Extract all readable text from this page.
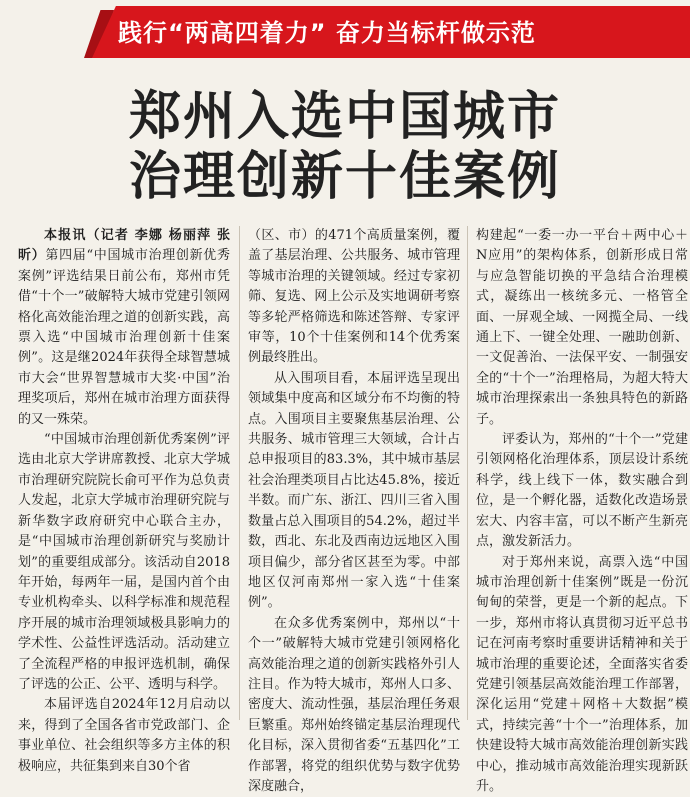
践行“两高四着力” 奋力当标杆做示范
郑州入选中国城市
治理创新十佳案例

本报讯（记者 李娜 杨丽萍 张昕）第四届“中国城市治理创新优秀案例”评选结果日前公布，郑州市凭借“十个一”破解特大城市党建引领网格化高效能治理之道的创新实践，高票入选“中国城市治理创新十佳案例”。这是继2024年获得全球智慧城市大会“世界智慧城市大奖·中国”治理奖项后，郑州在城市治理方面获得的又一殊荣。

“中国城市治理创新优秀案例”评选由北京大学讲席教授、北京大学城市治理研究院院长俞可平作为总负责人发起，北京大学城市治理研究院与新华数字政府研究中心联合主办，是“中国城市治理创新研究与奖励计划”的重要组成部分。该活动自2018年开始，每两年一届，是国内首个由专业机构牵头、以科学标准和规范程序开展的城市治理领域极具影响力的学术性、公益性评选活动。活动建立了全流程严格的申报评选机制，确保了评选的公正、公平、透明与科学。

本届评选自2024年12月启动以来，得到了全国各省市党政部门、企事业单位、社会组织等多方主体的积极响应，共征集到来自30个省

（区、市）的471个高质量案例，覆盖了基层治理、公共服务、城市管理等城市治理的关键领域。经过专家初筛、复选、网上公示及实地调研考察等多轮严格筛选和陈述答辩、专家评审等，10个十佳案例和14个优秀案例最终胜出。

从入围项目看，本届评选呈现出领域集中度高和区域分布不均衡的特点。入围项目主要聚焦基层治理、公共服务、城市管理三大领域，合计占总申报项目的83.3%，其中城市基层社会治理类项目占比达45.8%，接近半数。而广东、浙江、四川三省入围数量占总入围项目的54.2%，超过半数，西北、东北及西南边远地区入围项目偏少，部分省区甚至为零。中部地区仅河南郑州一家入选“十佳案例”。

在众多优秀案例中，郑州以“十个一”破解特大城市党建引领网格化高效能治理之道的创新实践格外引人注目。作为特大城市，郑州人口多、密度大、流动性强，基层治理任务艰巨繁重。郑州始终锚定基层治理现代化目标，深入贯彻省委“五基四化”工作部署，将党的组织优势与数字优势深度融合，

构建起“一委一办一平台＋两中心＋N应用”的架构体系，创新形成日常与应急智能切换的平急结合治理模式，凝练出一核统多元、一格管全面、一屏观全域、一网揽全局、一线通上下、一键全处理、一融助创新、一文促善治、一法保平安、一制强安全的“十个一”治理格局，为超大特大城市治理探索出一条独具特色的新路子。

评委认为，郑州的“十个一”党建引领网格化治理体系，顶层设计系统科学，线上线下一体，数实融合到位，是一个孵化器，适数化改造场景宏大、内容丰富，可以不断产生新亮点，激发新活力。

对于郑州来说，高票入选“中国城市治理创新十佳案例”既是一份沉甸甸的荣誉，更是一个新的起点。下一步，郑州市将认真贯彻习近平总书记在河南考察时重要讲话精神和关于城市治理的重要论述，全面落实省委党建引领基层高效能治理工作部署，深化运用“党建＋网格＋大数据”模式，持续完善“十个一”治理体系，加快建设特大城市高效能治理创新实践中心，推动城市高效能治理实现新跃升。
